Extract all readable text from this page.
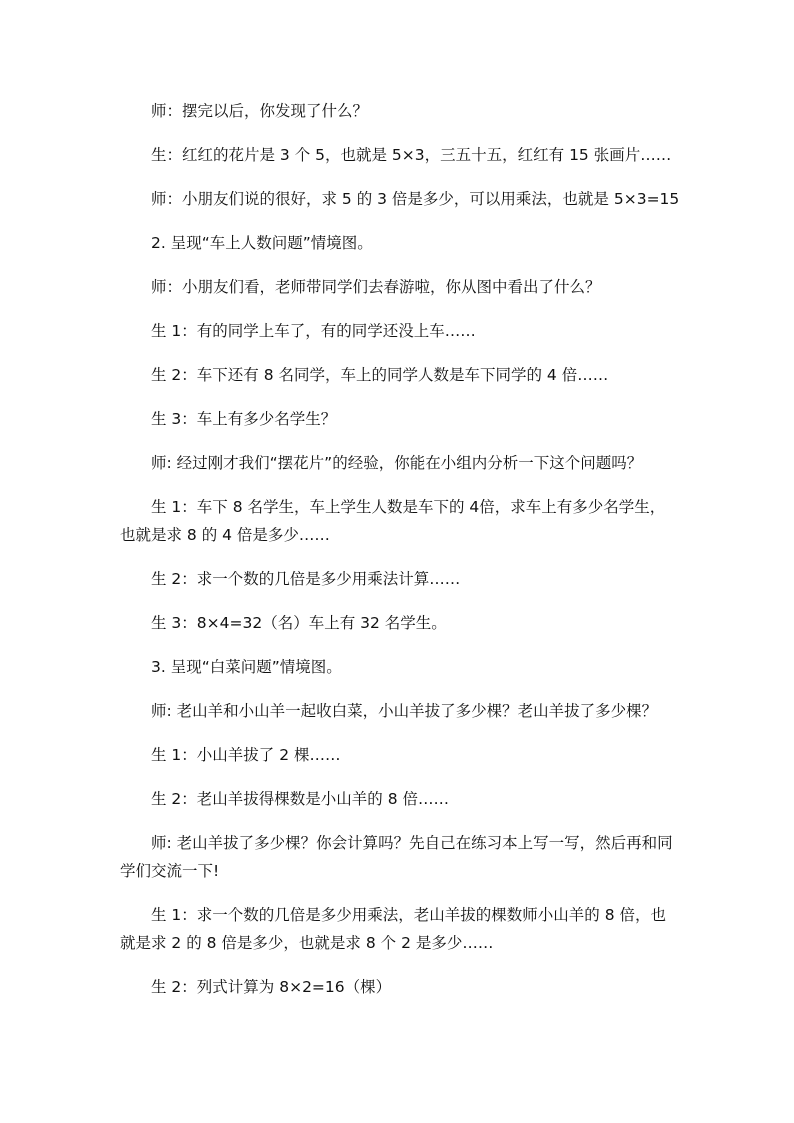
师：摆完以后，你发现了什么？

生：红红的花片是 3 个 5，也就是 5×3，三五十五，红红有 15 张画片……

师：小朋友们说的很好，求 5 的 3 倍是多少，可以用乘法，也就是 5×3=15

2. 呈现“车上人数问题”情境图。

师：小朋友们看，老师带同学们去春游啦，你从图中看出了什么？

生 1：有的同学上车了，有的同学还没上车……

生 2：车下还有 8 名同学，车上的同学人数是车下同学的 4 倍……

生 3：车上有多少名学生？

师: 经过刚才我们“摆花片”的经验，你能在小组内分析一下这个问题吗？

生 1：车下 8 名学生，车上学生人数是车下的 4倍，求车上有多少名学生，也就是求 8 的 4 倍是多少……

生 2：求一个数的几倍是多少用乘法计算……

生 3：8×4=32（名）车上有 32 名学生。

3. 呈现“白菜问题”情境图。

师: 老山羊和小山羊一起收白菜，小山羊拔了多少棵？老山羊拔了多少棵？

生 1：小山羊拔了 2 棵……

生 2：老山羊拔得棵数是小山羊的 8 倍……

师: 老山羊拔了多少棵？你会计算吗？先自己在练习本上写一写，然后再和同学们交流一下!

生 1：求一个数的几倍是多少用乘法，老山羊拔的棵数师小山羊的 8 倍，也就是求 2 的 8 倍是多少，也就是求 8 个 2 是多少……

生 2：列式计算为 8×2=16（棵）
